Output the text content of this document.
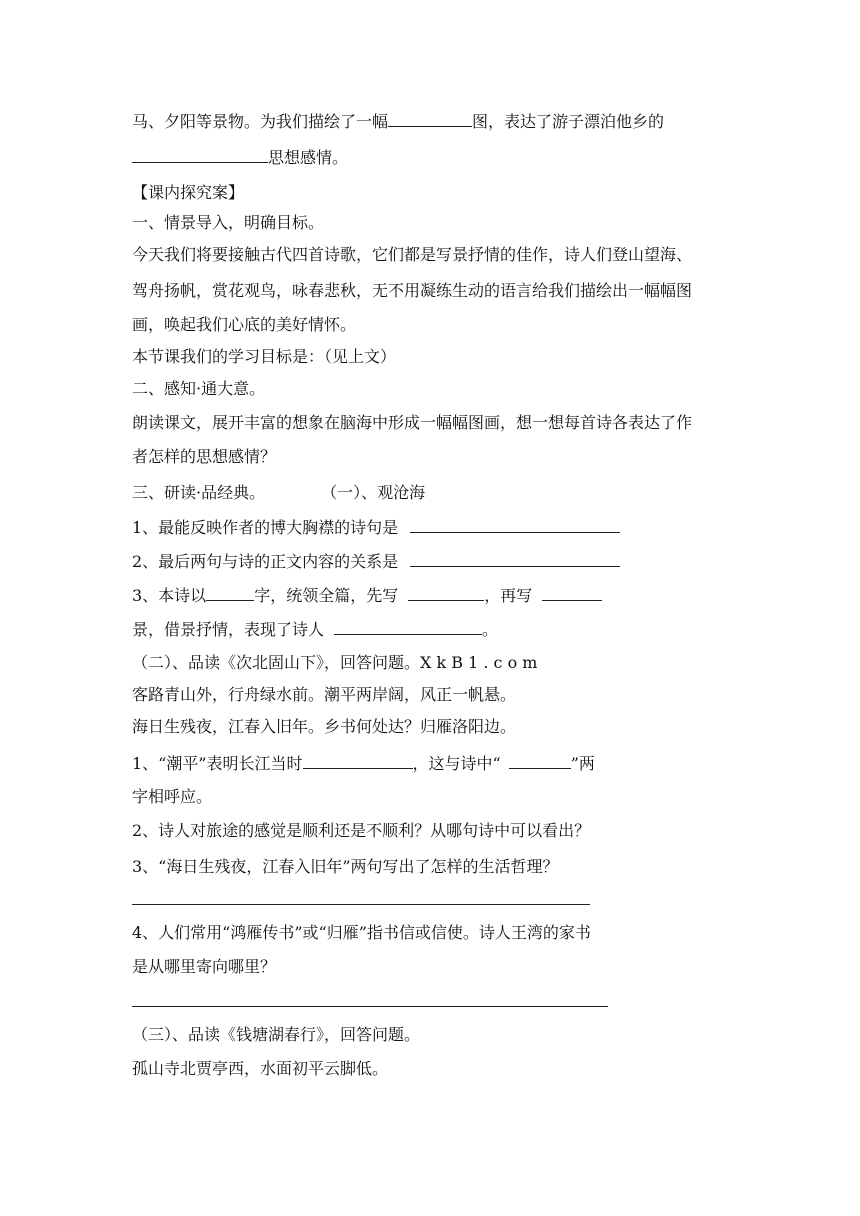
马、夕阳等景物。为我们描绘了一幅	图，表达了游子漂泊他乡的
思想感情。
【课内探究案】
一、情景导入，明确目标。
今天我们将要接触古代四首诗歌，它们都是写景抒情的佳作，诗人们登山望海、
驾舟扬帆，赏花观鸟，咏春悲秋，无不用凝练生动的语言给我们描绘出一幅幅图
画，唤起我们心底的美好情怀。
本节课我们的学习目标是：（见上文）
二、感知·通大意。
朗读课文，展开丰富的想象在脑海中形成一幅幅图画，想一想每首诗各表达了作
者怎样的思想感情？
三、研读·品经典。	（一）、观沧海
1、最能反映作者的博大胸襟的诗句是
2、最后两句与诗的正文内容的关系是
3、本诗以	字，统领全篇，先写	，再写
景，借景抒情，表现了诗人	。
（二）、品读《次北固山下》，回答问题。X k B 1 . c o m
客路青山外，行舟绿水前。潮平两岸阔，风正一帆悬。
海日生残夜，江春入旧年。乡书何处达？归雁洛阳边。
1、“潮平”表明长江当时	，这与诗中“	”两
字相呼应。
2、诗人对旅途的感觉是顺利还是不顺利？从哪句诗中可以看出？
3、“海日生残夜，江春入旧年”两句写出了怎样的生活哲理？
4、人们常用“鸿雁传书”或“归雁”指书信或信使。诗人王湾的家书
是从哪里寄向哪里？
（三）、品读《钱塘湖春行》，回答问题。
孤山寺北贾亭西，水面初平云脚低。
